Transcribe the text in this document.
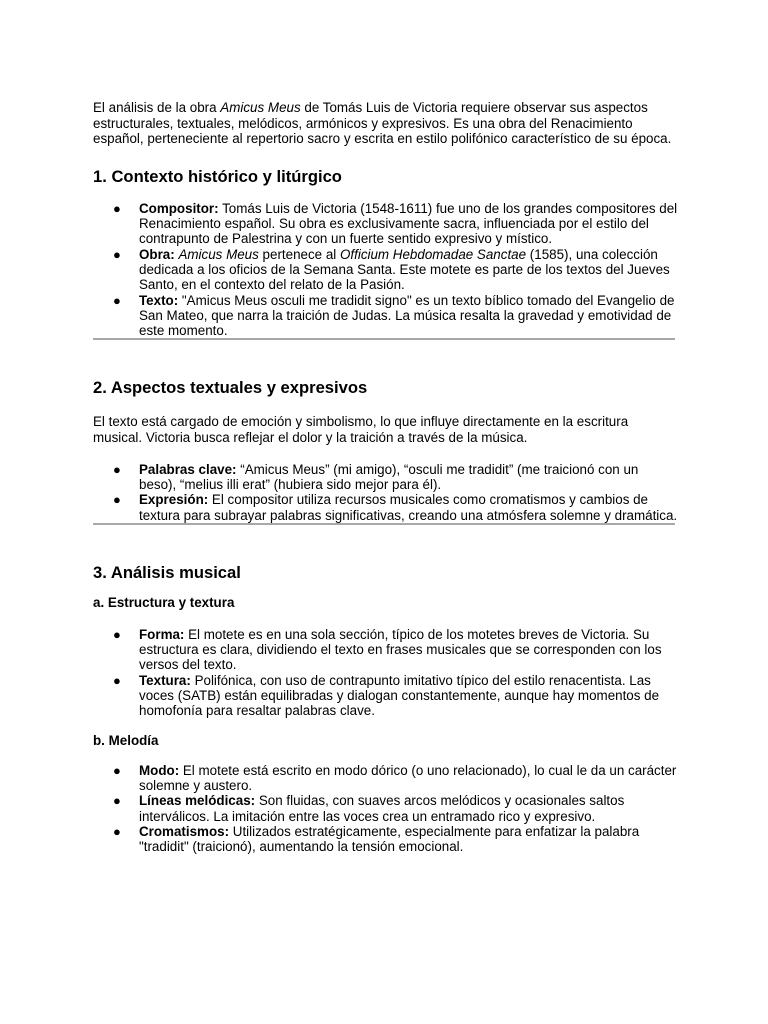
El análisis de la obra Amicus Meus de Tomás Luis de Victoria requiere observar sus aspectos estructurales, textuales, melódicos, armónicos y expresivos. Es una obra del Renacimiento español, perteneciente al repertorio sacro y escrita en estilo polifónico característico de su época.

1. Contexto histórico y litúrgico
● Compositor: Tomás Luis de Victoria (1548-1611) fue uno de los grandes compositores del Renacimiento español. Su obra es exclusivamente sacra, influenciada por el estilo del contrapunto de Palestrina y con un fuerte sentido expresivo y místico.
● Obra: Amicus Meus pertenece al Officium Hebdomadae Sanctae (1585), una colección dedicada a los oficios de la Semana Santa. Este motete es parte de los textos del Jueves Santo, en el contexto del relato de la Pasión.
● Texto: "Amicus Meus osculi me tradidit signo" es un texto bíblico tomado del Evangelio de San Mateo, que narra la traición de Judas. La música resalta la gravedad y emotividad de este momento.
2. Aspectos textuales y expresivos

El texto está cargado de emoción y simbolismo, lo que influye directamente en la escritura musical. Victoria busca reflejar el dolor y la traición a través de la música.

● Palabras clave: “Amicus Meus” (mi amigo), “osculi me tradidit” (me traicionó con un beso), “melius illi erat” (hubiera sido mejor para él).
● Expresión: El compositor utiliza recursos musicales como cromatismos y cambios de textura para subrayar palabras significativas, creando una atmósfera solemne y dramática.
3. Análisis musical
a. Estructura y textura
● Forma: El motete es en una sola sección, típico de los motetes breves de Victoria. Su estructura es clara, dividiendo el texto en frases musicales que se corresponden con los versos del texto.
● Textura: Polifónica, con uso de contrapunto imitativo típico del estilo renacentista. Las voces (SATB) están equilibradas y dialogan constantemente, aunque hay momentos de homofonía para resaltar palabras clave.
b. Melodía
● Modo: El motete está escrito en modo dórico (o uno relacionado), lo cual le da un carácter solemne y austero.
● Líneas melódicas: Son fluidas, con suaves arcos melódicos y ocasionales saltos interválicos. La imitación entre las voces crea un entramado rico y expresivo.
● Cromatismos: Utilizados estratégicamente, especialmente para enfatizar la palabra "tradidit" (traicionó), aumentando la tensión emocional.
